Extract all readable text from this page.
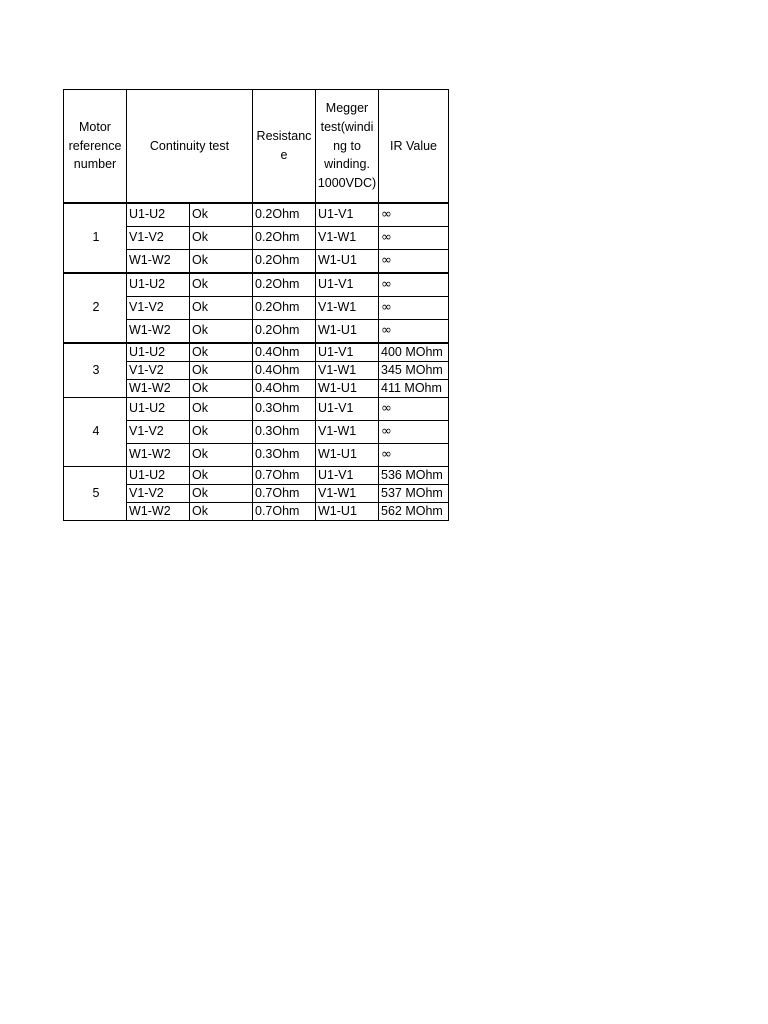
Motor reference number	Continuity test		Resistanc e	Megger test(windi ng to winding. 1000VDC)	IR Value
1	U1-U2	Ok	0.2Ohm	U1-V1	∞
	V1-V2	Ok	0.2Ohm	V1-W1	∞
	W1-W2	Ok	0.2Ohm	W1-U1	∞
2	U1-U2	Ok	0.2Ohm	U1-V1	∞
	V1-V2	Ok	0.2Ohm	V1-W1	∞
	W1-W2	Ok	0.2Ohm	W1-U1	∞
3	U1-U2	Ok	0.4Ohm	U1-V1	400 MOhm
	V1-V2	Ok	0.4Ohm	V1-W1	345 MOhm
	W1-W2	Ok	0.4Ohm	W1-U1	411 MOhm
4	U1-U2	Ok	0.3Ohm	U1-V1	∞
	V1-V2	Ok	0.3Ohm	V1-W1	∞
	W1-W2	Ok	0.3Ohm	W1-U1	∞
5	U1-U2	Ok	0.7Ohm	U1-V1	536 MOhm
	V1-V2	Ok	0.7Ohm	V1-W1	537 MOhm
	W1-W2	Ok	0.7Ohm	W1-U1	562 MOhm
